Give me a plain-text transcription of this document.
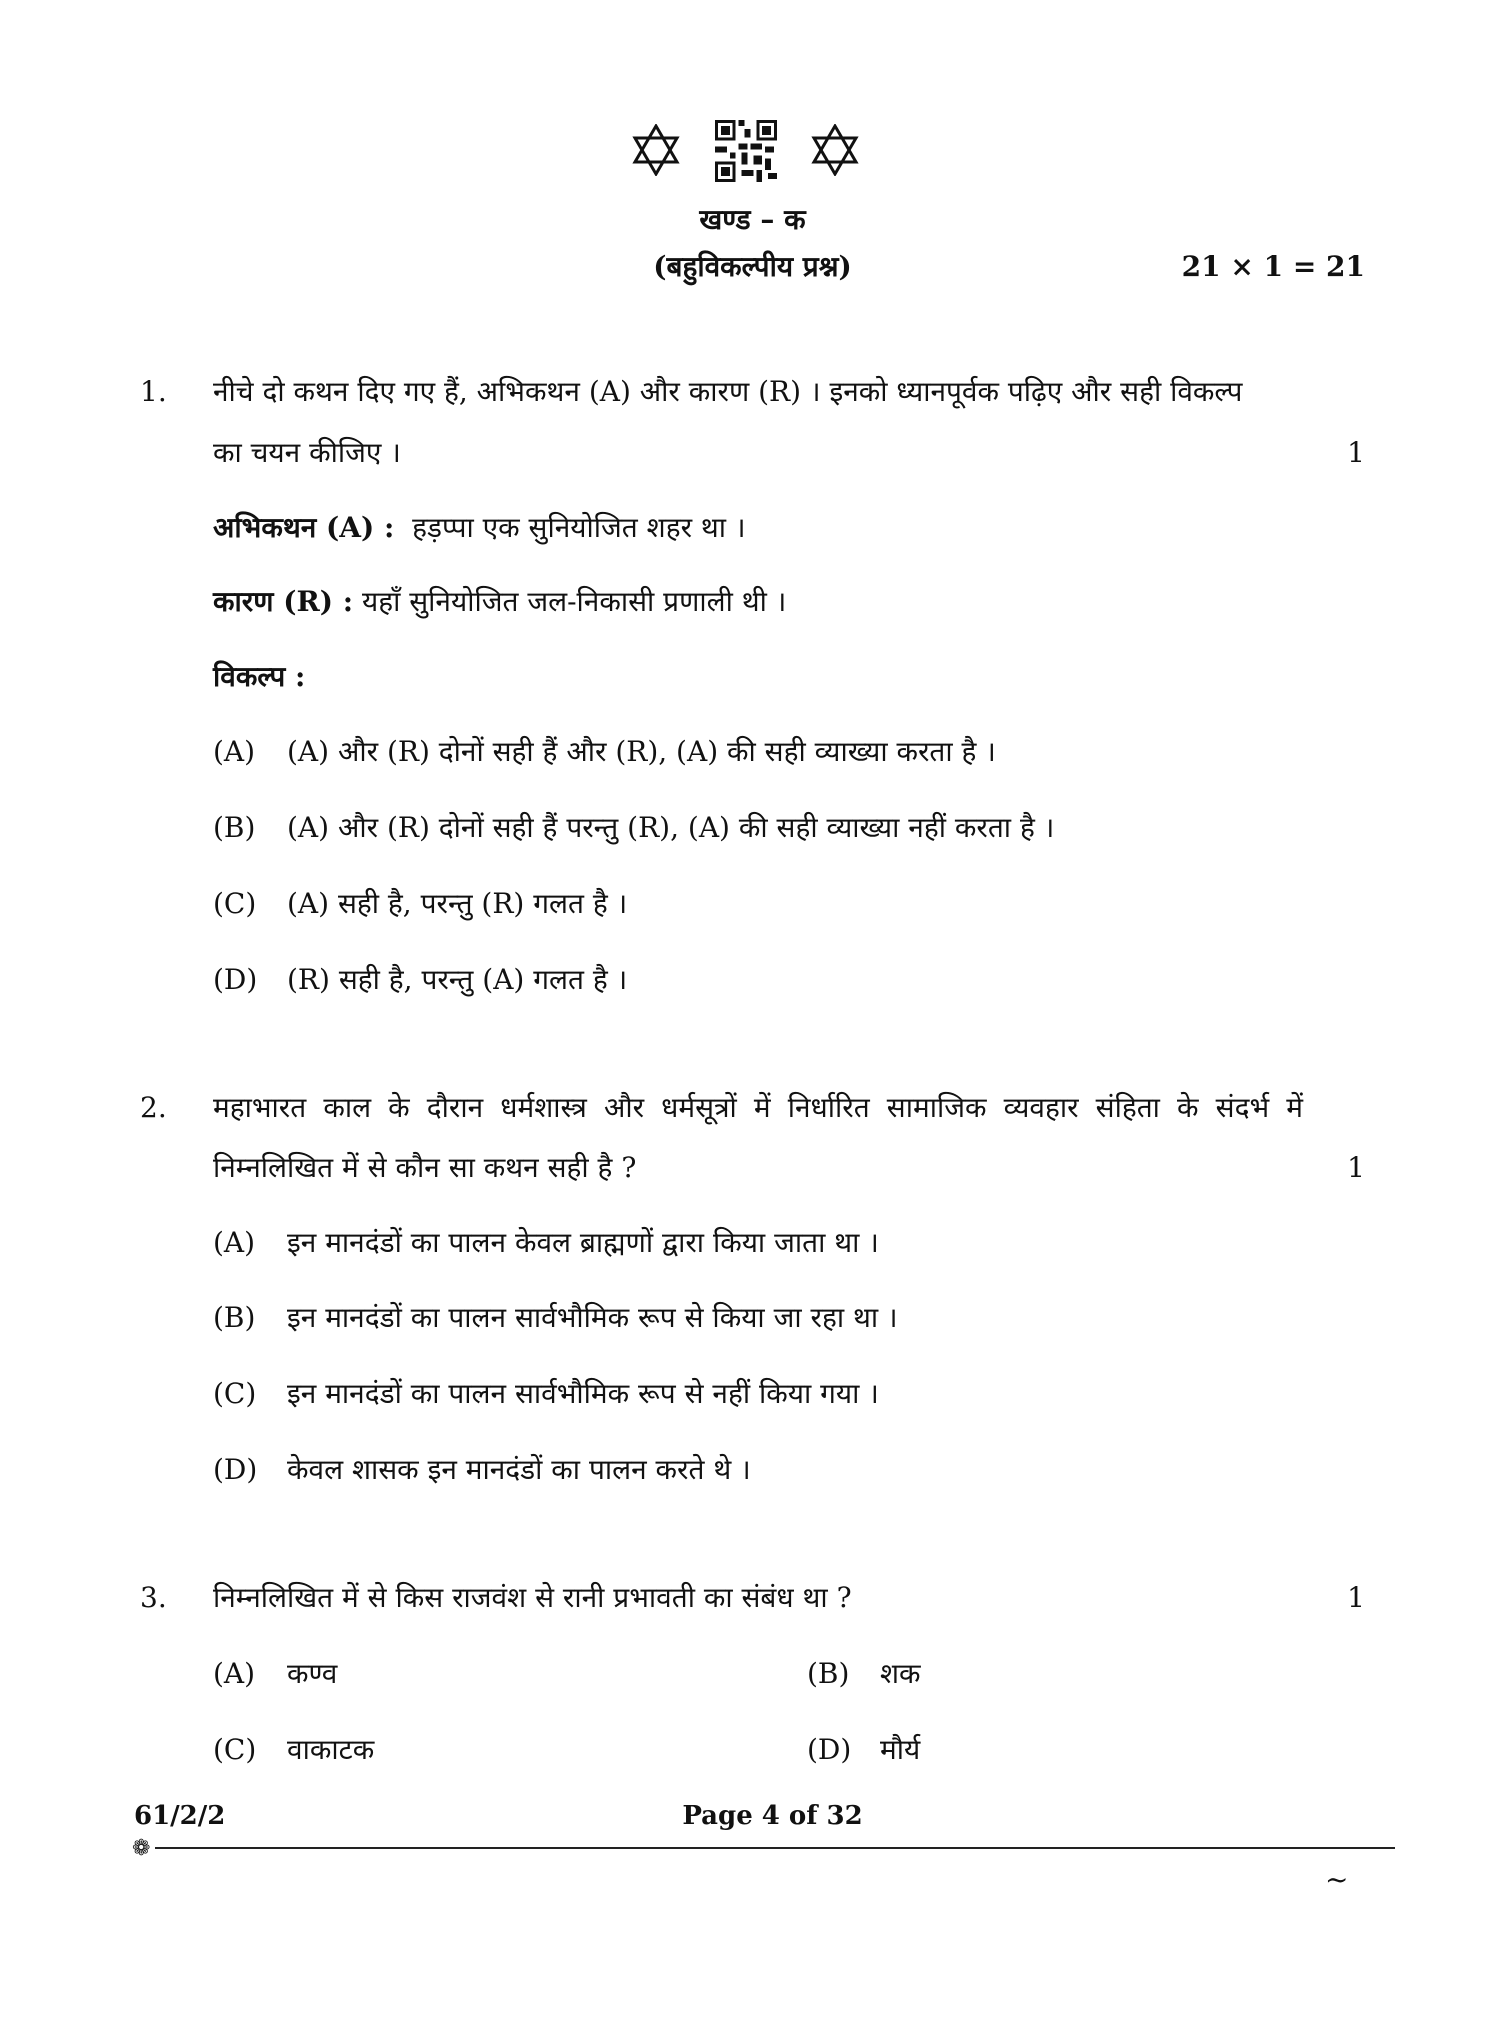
खण्ड – क
(बहुविकल्पीय प्रश्न)	21 × 1 = 21
1. नीचे दो कथन दिए गए हैं, अभिकथन (A) और कारण (R) । इनको ध्यानपूर्वक पढ़िए और सही विकल्प
का चयन कीजिए ।	1
अभिकथन (A) : हड़प्पा एक सुनियोजित शहर था ।
कारण (R) : यहाँ सुनियोजित जल-निकासी प्रणाली थी ।
विकल्प :
(A) (A) और (R) दोनों सही हैं और (R), (A) की सही व्याख्या करता है ।
(B) (A) और (R) दोनों सही हैं परन्तु (R), (A) की सही व्याख्या नहीं करता है ।
(C) (A) सही है, परन्तु (R) गलत है ।
(D) (R) सही है, परन्तु (A) गलत है ।
2. महाभारत काल के दौरान धर्मशास्त्र और धर्मसूत्रों में निर्धारित सामाजिक व्यवहार संहिता के संदर्भ में
निम्नलिखित में से कौन सा कथन सही है ?	1
(A) इन मानदंडों का पालन केवल ब्राह्मणों द्वारा किया जाता था ।
(B) इन मानदंडों का पालन सार्वभौमिक रूप से किया जा रहा था ।
(C) इन मानदंडों का पालन सार्वभौमिक रूप से नहीं किया गया ।
(D) केवल शासक इन मानदंडों का पालन करते थे ।
3. निम्नलिखित में से किस राजवंश से रानी प्रभावती का संबंध था ?	1
(A) कण्व	(B) शक
(C) वाकाटक	(D) मौर्य
61/2/2	Page 4 of 32
❁
~
